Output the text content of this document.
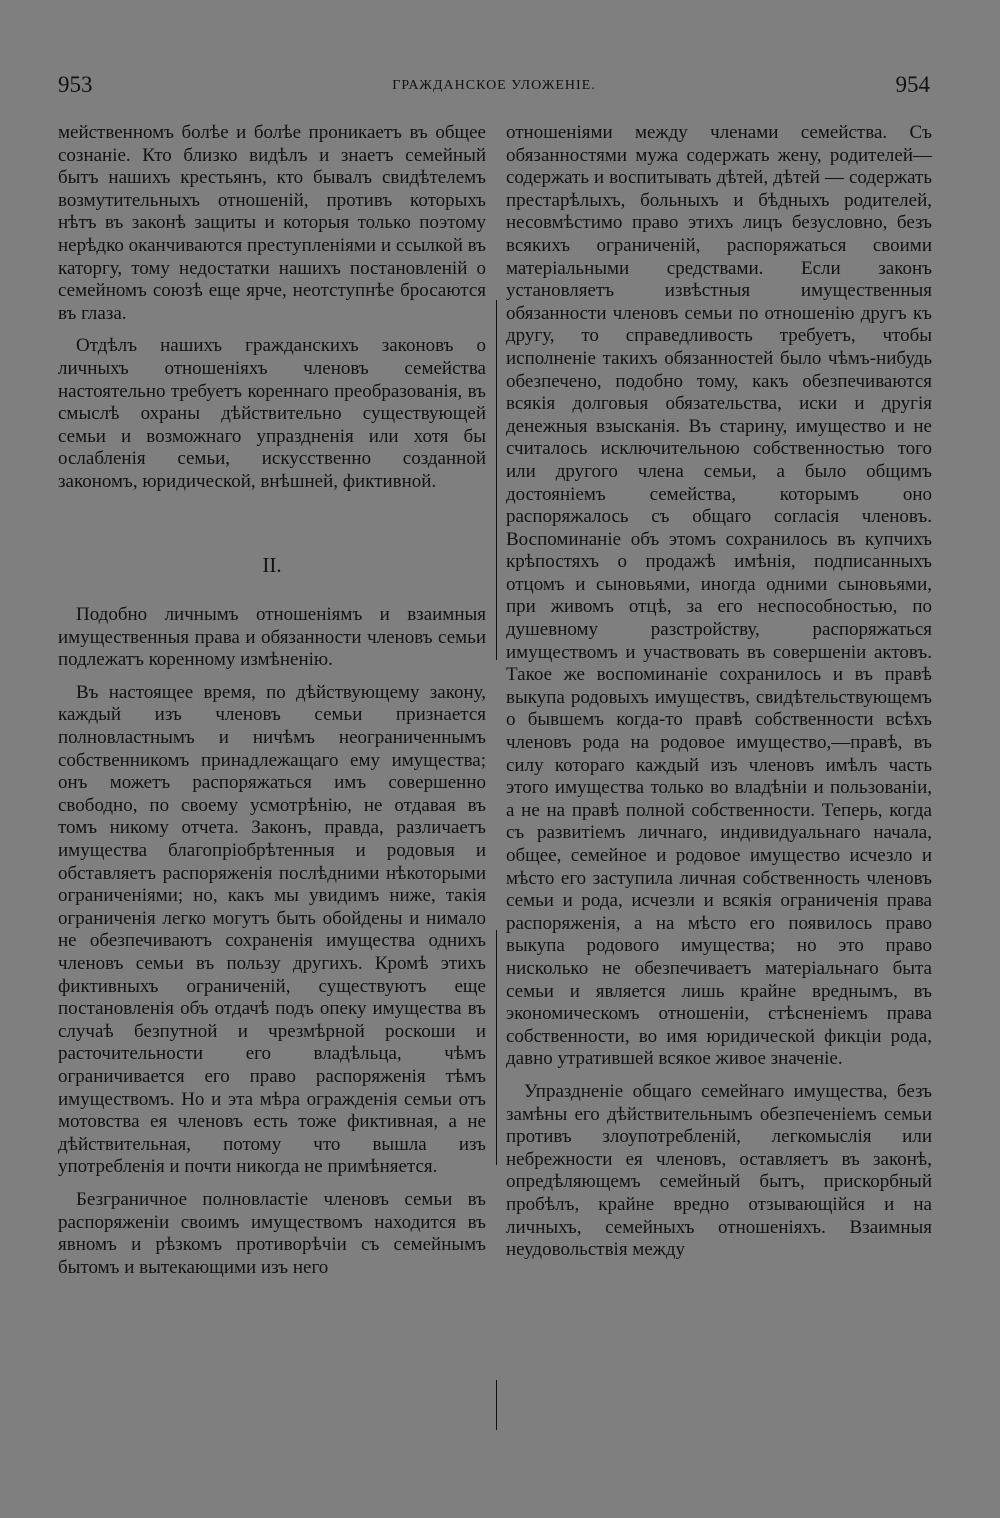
953	ГРАЖДАНСКОЕ УЛОЖЕНIЕ.	954

мейственномъ болѣе и болѣе проникаетъ въ общее сознанiе. Кто близко видѣлъ и знаетъ семейный бытъ нашихъ крестьянъ, кто бывалъ свидѣтелемъ возмутительныхъ отношенiй, противъ которыхъ нѣтъ въ законѣ защиты и которыя только поэтому нерѣдко оканчиваются преступленiями и ссылкой въ каторгу, тому недостатки нашихъ постановленiй о семейномъ союзѣ еще ярче, неотступнѣе бросаются въ глаза.

Отдѣлъ нашихъ гражданскихъ законовъ о личныхъ отношенiяхъ членовъ семейства настоятельно требуетъ кореннаго преобразованiя, въ смыслѣ охраны дѣйствительно существующей семьи и возможнаго упраздненiя или хотя бы ослабленiя семьи, искусственно созданной закономъ, юридической, внѣшней, фиктивной.

II.

Подобно личнымъ отношенiямъ и взаимныя имущественныя права и обязанности членовъ семьи подлежатъ коренному измѣненiю.

Въ настоящее время, по дѣйствующему закону, каждый изъ членовъ семьи признается полновластнымъ и ничѣмъ неограниченнымъ собственникомъ принадлежащаго ему имущества; онъ можетъ распоряжаться имъ совершенно свободно, по своему усмотрѣнiю, не отдавая въ томъ никому отчета. Законъ, правда, различаетъ имущества благопрiобрѣтенныя и родовыя и обставляетъ распоряженiя послѣдними нѣкоторыми ограниченiями; но, какъ мы увидимъ ниже, такiя ограниченiя легко могутъ быть обойдены и нимало не обезпечиваютъ сохраненiя имущества однихъ членовъ семьи въ пользу другихъ. Кромѣ этихъ фиктивныхъ ограниченiй, существуютъ еще постановленiя объ отдачѣ подъ опеку имущества въ случаѣ безпутной и чрезмѣрной роскоши и расточительности его владѣльца, чѣмъ ограничивается его право распоряженiя тѣмъ имуществомъ. Но и эта мѣра огражденiя семьи отъ мотовства ея членовъ есть тоже фиктивная, а не дѣйствительная, потому что вышла изъ употребленiя и почти никогда не примѣняется.

Безграничное полновластiе членовъ семьи въ распоряженiи своимъ имуществомъ находится въ явномъ и рѣзкомъ противорѣчiи съ семейнымъ бытомъ и вытекающими изъ него

отношенiями между членами семейства. Съ обязанностями мужа содержать жену, родителей—содержать и воспитывать дѣтей, дѣтей — содержать престарѣлыхъ, больныхъ и бѣдныхъ родителей, несовмѣстимо право этихъ лицъ безусловно, безъ всякихъ ограниченiй, распоряжаться своими матерiальными средствами. Если законъ установляетъ извѣстныя имущественныя обязанности членовъ семьи по отношенiю другъ къ другу, то справедливость требуетъ, чтобы исполненiе такихъ обязанностей было чѣмъ-нибудь обезпечено, подобно тому, какъ обезпечиваются всякiя долговыя обязательства, иски и другiя денежныя взысканiя. Въ старину, имущество и не считалось исключительною собственностью того или другого члена семьи, а было общимъ достоянiемъ семейства, которымъ оно распоряжалось съ общаго согласiя членовъ. Воспоминанiе объ этомъ сохранилось въ купчихъ крѣпостяхъ о продажѣ имѣнiя, подписанныхъ отцомъ и сыновьями, иногда одними сыновьями, при живомъ отцѣ, за его неспособностью, по душевному разстройству, распоряжаться имуществомъ и участвовать въ совершенiи актовъ. Такое же воспоминанiе сохранилось и въ правѣ выкупа родовыхъ имуществъ, свидѣтельствующемъ о бывшемъ когда-то правѣ собственности всѣхъ членовъ рода на родовое имущество,—правѣ, въ силу котораго каждый изъ членовъ имѣлъ часть этого имущества только во владѣнiи и пользованiи, а не на правѣ полной собственности. Теперь, когда съ развитiемъ личнаго, индивидуальнаго начала, общее, семейное и родовое имущество исчезло и мѣсто его заступила личная собственность членовъ семьи и рода, исчезли и всякiя ограниченiя права распоряженiя, а на мѣсто его появилось право выкупа родового имущества; но это право нисколько не обезпечиваетъ матерiальнаго быта семьи и является лишь крайне вреднымъ, въ экономическомъ отношенiи, стѣсненiемъ права собственности, во имя юридической фикцiи рода, давно утратившей всякое живое значенiе.

Упраздненiе общаго семейнаго имущества, безъ замѣны его дѣйствительнымъ обезпеченiемъ семьи противъ злоупотребленiй, легкомыслiя или небрежности ея членовъ, оставляетъ въ законѣ, опредѣляющемъ семейный бытъ, прискорбный пробѣлъ, крайне вредно отзывающiйся и на личныхъ, семейныхъ отношенiяхъ. Взаимныя неудовольствiя между
